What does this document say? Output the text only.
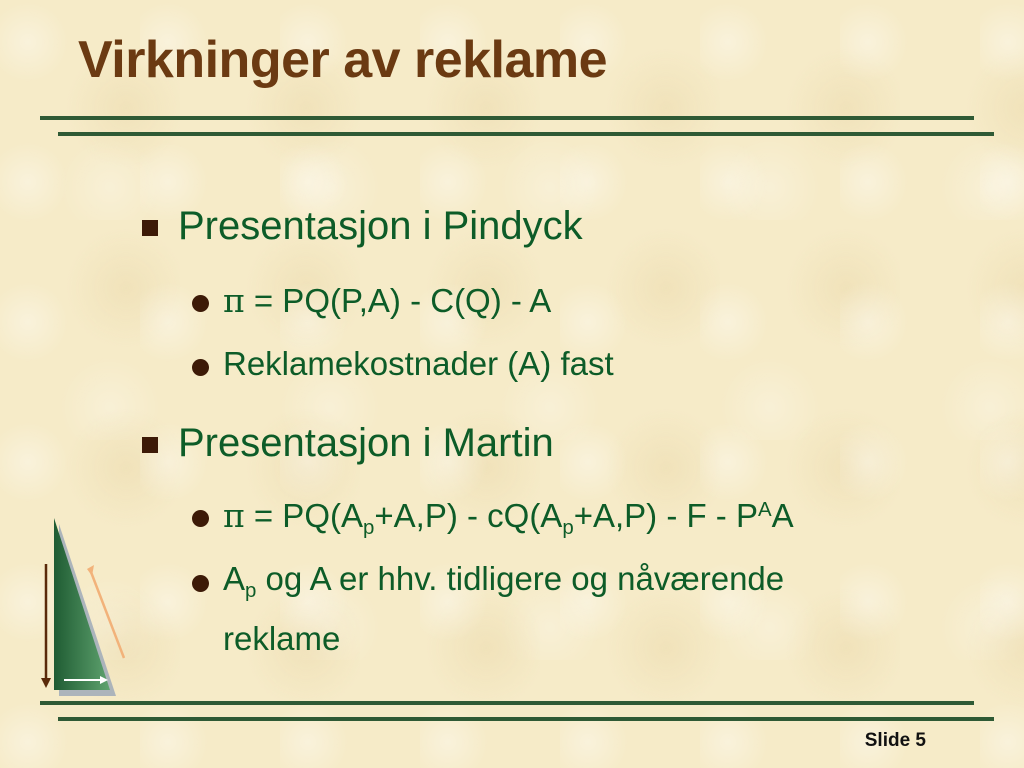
Virkninger av reklame
Presentasjon i Pindyck
π = PQ(P,A) - C(Q) - A
Reklamekostnader (A) fast
Presentasjon i Martin
$\pi = PQ(A_p+A,P) - cQ(A_p+A,P) - F - P^AA$
$A_p$ og A er hhv. tidligere og nåværende
reklame
Slide 5
